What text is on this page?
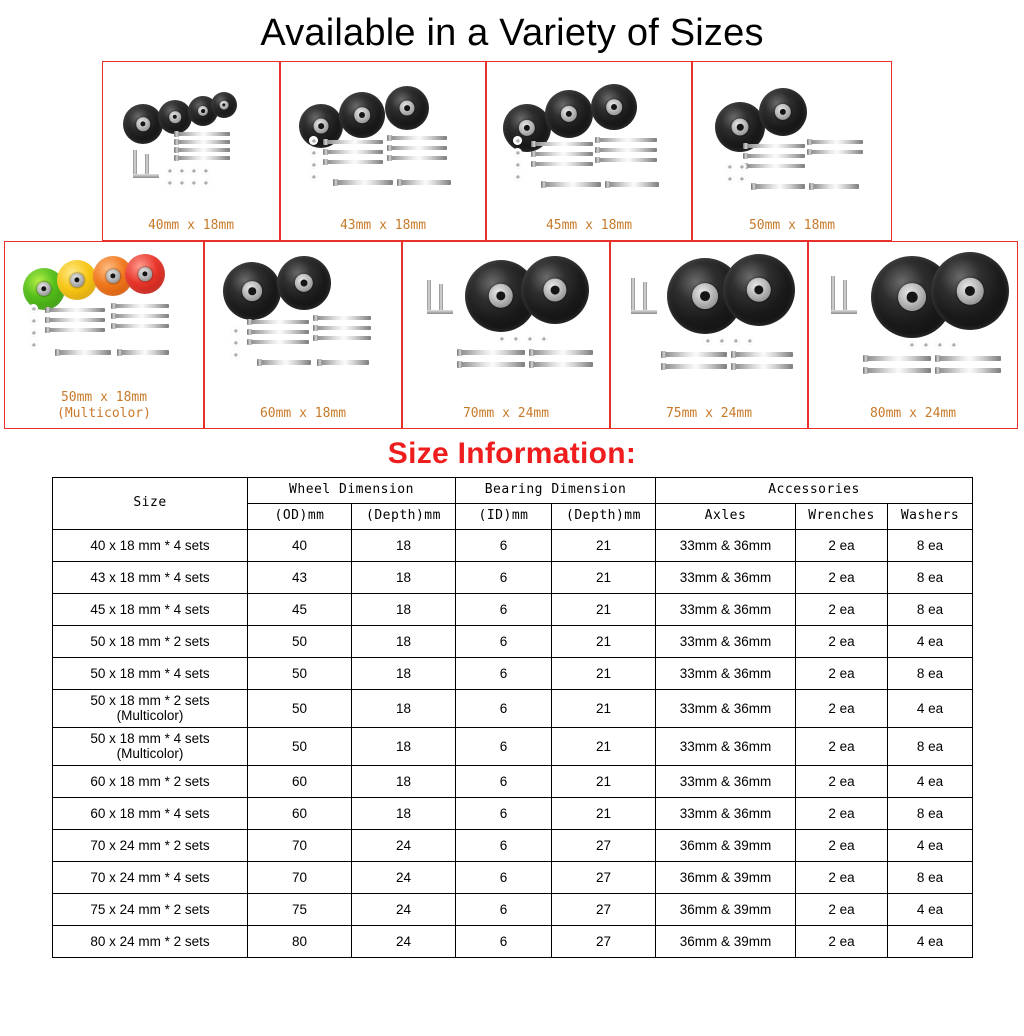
Available in a Variety of Sizes
40mm x 18mm	43mm x 18mm	45mm x 18mm	50mm x 18mm
50mm x 18mm
(Multicolor)	60mm x 18mm	70mm x 24mm	75mm x 24mm	80mm x 24mm
Size Information:
Size	Wheel Dimension		Bearing Dimension		Accessories		
	(OD)mm	(Depth)mm	(ID)mm	(Depth)mm	Axles	Wrenches	Washers
40 x 18 mm * 4 sets	40	18	6	21	33mm & 36mm	2 ea	8 ea
43 x 18 mm * 4 sets	43	18	6	21	33mm & 36mm	2 ea	8 ea
45 x 18 mm * 4 sets	45	18	6	21	33mm & 36mm	2 ea	8 ea
50 x 18 mm * 2 sets	50	18	6	21	33mm & 36mm	2 ea	4 ea
50 x 18 mm * 4 sets	50	18	6	21	33mm & 36mm	2 ea	8 ea
50 x 18 mm * 2 sets
(Multicolor)	50	18	6	21	33mm & 36mm	2 ea	4 ea
50 x 18 mm * 4 sets
(Multicolor)	50	18	6	21	33mm & 36mm	2 ea	8 ea
60 x 18 mm * 2 sets	60	18	6	21	33mm & 36mm	2 ea	4 ea
60 x 18 mm * 4 sets	60	18	6	21	33mm & 36mm	2 ea	8 ea
70 x 24 mm * 2 sets	70	24	6	27	36mm & 39mm	2 ea	4 ea
70 x 24 mm * 4 sets	70	24	6	27	36mm & 39mm	2 ea	8 ea
75 x 24 mm * 2 sets	75	24	6	27	36mm & 39mm	2 ea	4 ea
80 x 24 mm * 2 sets	80	24	6	27	36mm & 39mm	2 ea	4 ea
